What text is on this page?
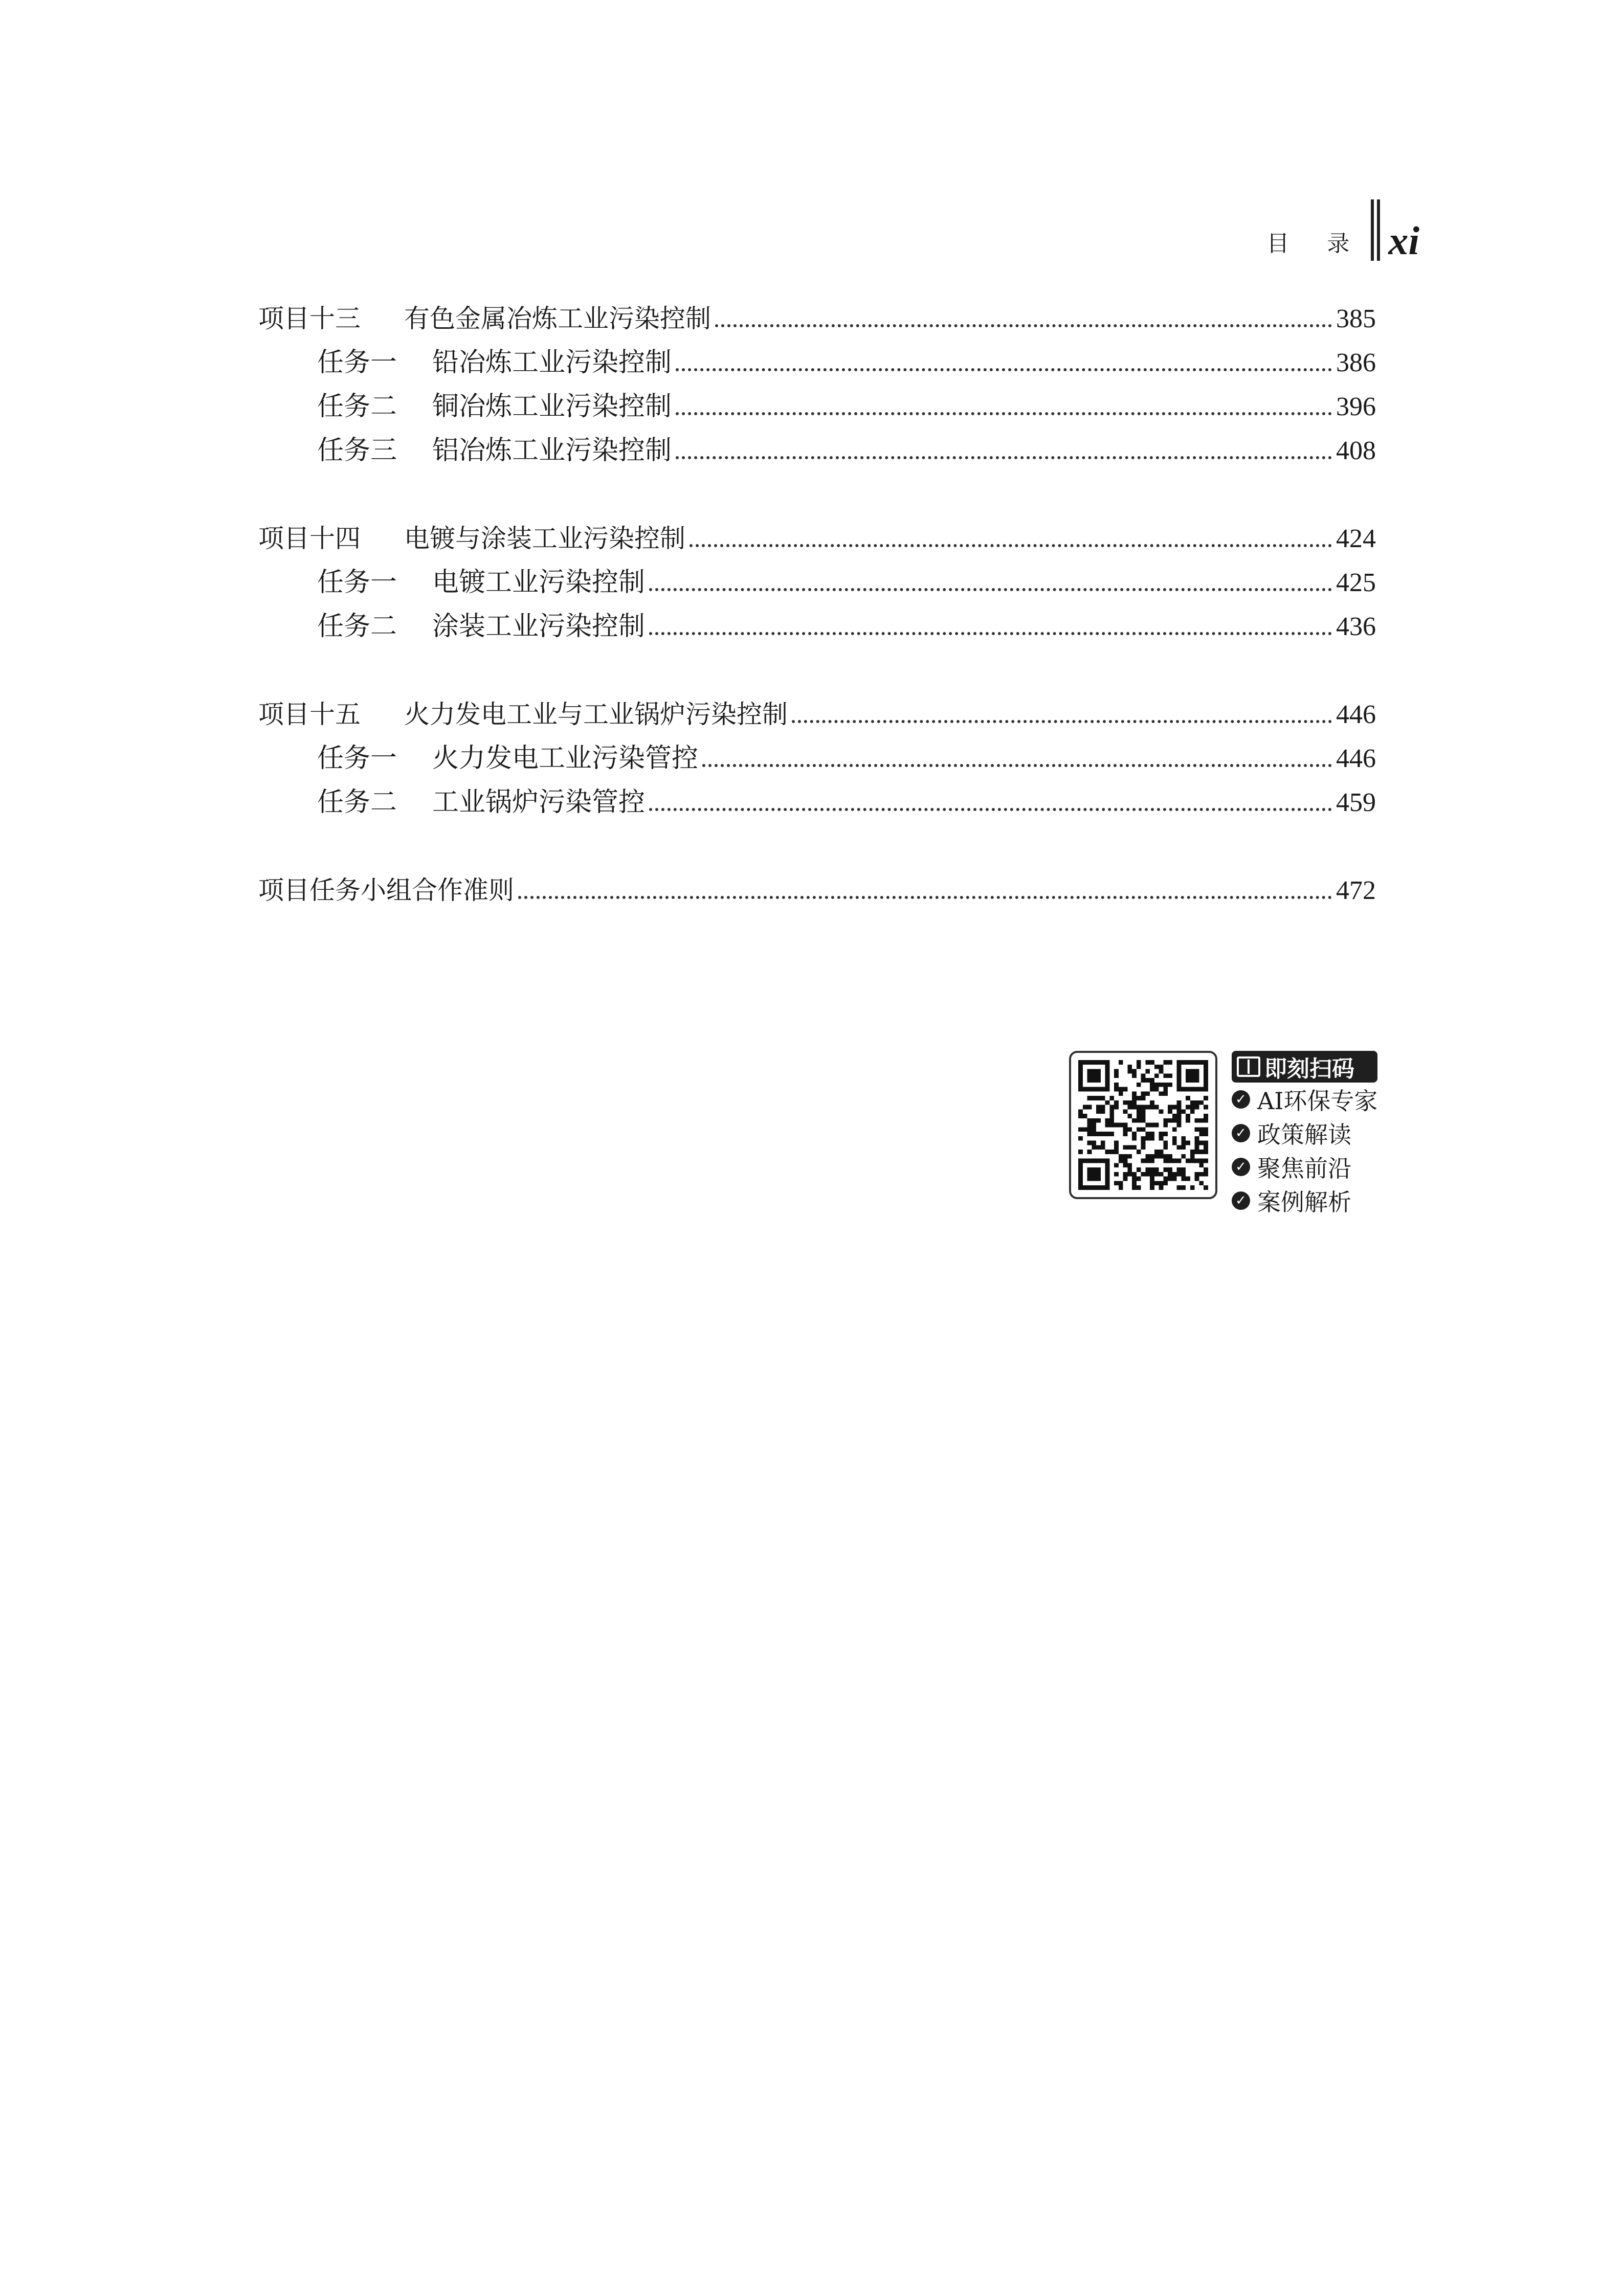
目 录 xi
项目十三	有色金属冶炼工业污染控制	385
任务一	铅冶炼工业污染控制	386
任务二	铜冶炼工业污染控制	396
任务三	铝冶炼工业污染控制	408
项目十四	电镀与涂装工业污染控制	424
任务一	电镀工业污染控制	425
任务二	涂装工业污染控制	436
项目十五	火力发电工业与工业锅炉污染控制	446
任务一	火力发电工业污染管控	446
任务二	工业锅炉污染管控	459
项目任务小组合作准则	472
即刻扫码
✓ AI环保专家
✓ 政策解读
✓ 聚焦前沿
✓ 案例解析
